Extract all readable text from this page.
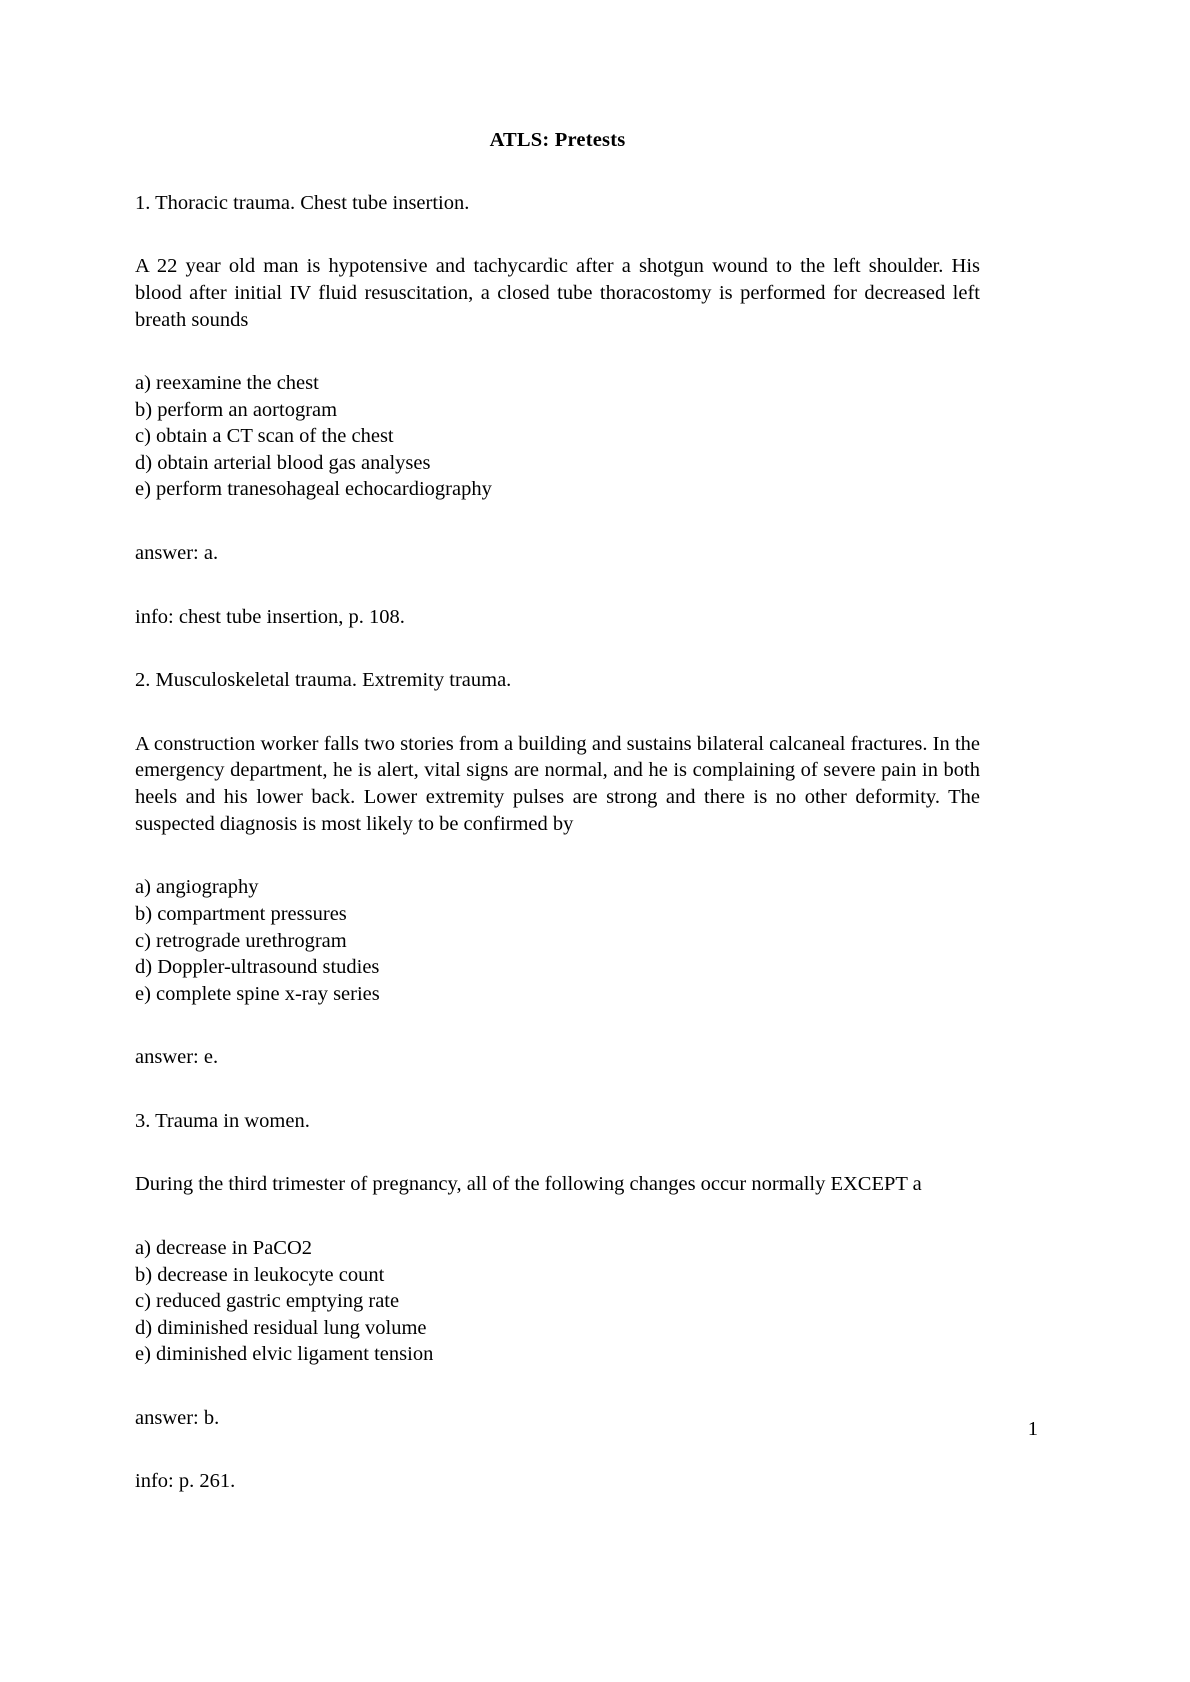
ATLS: Pretests

1. Thoracic trauma. Chest tube insertion.

A 22 year old man is hypotensive and tachycardic after a shotgun wound to the left shoulder. His blood after initial IV fluid resuscitation, a closed tube thoracostomy is performed for decreased left breath sounds

a) reexamine the chest
b) perform an aortogram
c) obtain a CT scan of the chest
d) obtain arterial blood gas analyses
e) perform tranesohageal echocardiography

answer: a.

info: chest tube insertion, p. 108.

2. Musculoskeletal trauma. Extremity trauma.

A construction worker falls two stories from a building and sustains bilateral calcaneal fractures. In the emergency department, he is alert, vital signs are normal, and he is complaining of severe pain in both heels and his lower back. Lower extremity pulses are strong and there is no other deformity. The suspected diagnosis is most likely to be confirmed by

a) angiography
b) compartment pressures
c) retrograde urethrogram
d) Doppler-ultrasound studies
e) complete spine x-ray series

answer: e.

3. Trauma in women.

During the third trimester of pregnancy, all of the following changes occur normally EXCEPT a

a) decrease in PaCO2
b) decrease in leukocyte count
c) reduced gastric emptying rate
d) diminished residual lung volume
e) diminished elvic ligament tension

answer: b.

info: p. 261.

1
